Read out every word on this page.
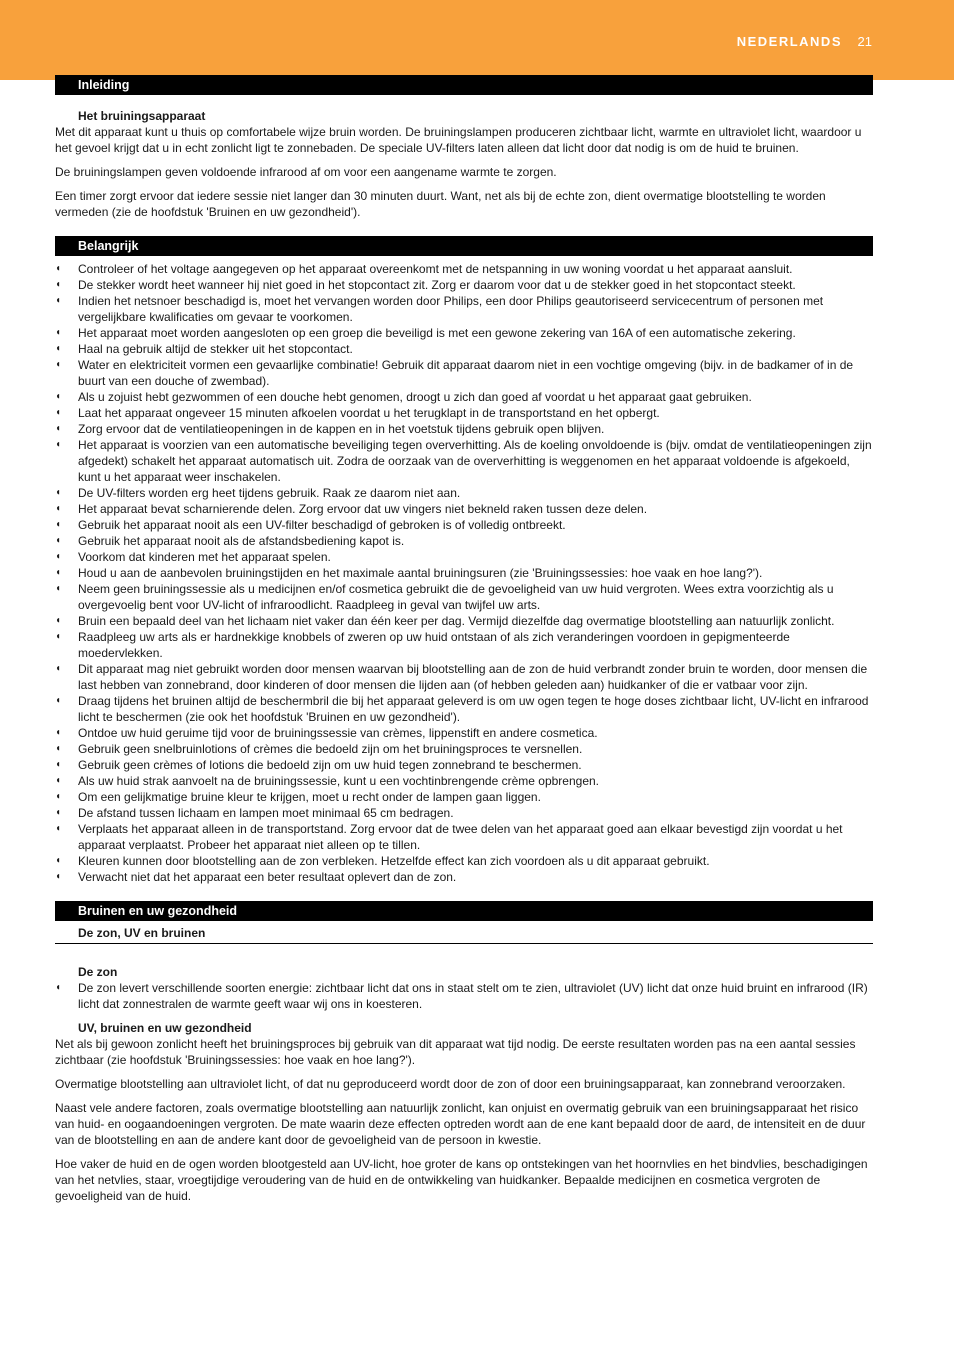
NEDERLANDS 21
Inleiding
Het bruiningsapparaat

Met dit apparaat kunt u thuis op comfortabele wijze bruin worden. De bruiningslampen produceren zichtbaar licht, warmte en ultraviolet licht, waardoor u het gevoel krijgt dat u in echt zonlicht ligt te zonnebaden. De speciale UV-filters laten alleen dat licht door dat nodig is om de huid te bruinen.

De bruiningslampen geven voldoende infrarood af om voor een aangename warmte te zorgen.

Een timer zorgt ervoor dat iedere sessie niet langer dan 30 minuten duurt. Want, net als bij de echte zon, dient overmatige blootstelling te worden vermeden (zie de hoofdstuk 'Bruinen en uw gezondheid').

Belangrijk
◖ Controleer of het voltage aangegeven op het apparaat overeenkomt met de netspanning in uw woning voordat u het apparaat aansluit.
◖ De stekker wordt heet wanneer hij niet goed in het stopcontact zit. Zorg er daarom voor dat u de stekker goed in het stopcontact steekt.
◖ Indien het netsnoer beschadigd is, moet het vervangen worden door Philips, een door Philips geautoriseerd servicecentrum of personen met vergelijkbare kwalificaties om gevaar te voorkomen.
◖ Het apparaat moet worden aangesloten op een groep die beveiligd is met een gewone zekering van 16A of een automatische zekering.
◖ Haal na gebruik altijd de stekker uit het stopcontact.
◖ Water en elektriciteit vormen een gevaarlijke combinatie! Gebruik dit apparaat daarom niet in een vochtige omgeving (bijv. in de badkamer of in de buurt van een douche of zwembad).
◖ Als u zojuist hebt gezwommen of een douche hebt genomen, droogt u zich dan goed af voordat u het apparaat gaat gebruiken.
◖ Laat het apparaat ongeveer 15 minuten afkoelen voordat u het terugklapt in de transportstand en het opbergt.
◖ Zorg ervoor dat de ventilatieopeningen in de kappen en in het voetstuk tijdens gebruik open blijven.
◖ Het apparaat is voorzien van een automatische beveiliging tegen oververhitting. Als de koeling onvoldoende is (bijv. omdat de ventilatieopeningen zijn afgedekt) schakelt het apparaat automatisch uit. Zodra de oorzaak van de oververhitting is weggenomen en het apparaat voldoende is afgekoeld, kunt u het apparaat weer inschakelen.
◖ De UV-filters worden erg heet tijdens gebruik. Raak ze daarom niet aan.
◖ Het apparaat bevat scharnierende delen. Zorg ervoor dat uw vingers niet bekneld raken tussen deze delen.
◖ Gebruik het apparaat nooit als een UV-filter beschadigd of gebroken is of volledig ontbreekt.
◖ Gebruik het apparaat nooit als de afstandsbediening kapot is.
◖ Voorkom dat kinderen met het apparaat spelen.
◖ Houd u aan de aanbevolen bruiningstijden en het maximale aantal bruiningsuren (zie 'Bruiningssessies: hoe vaak en hoe lang?').
◖ Neem geen bruiningssessie als u medicijnen en/of cosmetica gebruikt die de gevoeligheid van uw huid vergroten. Wees extra voorzichtig als u overgevoelig bent voor UV-licht of infraroodlicht. Raadpleeg in geval van twijfel uw arts.
◖ Bruin een bepaald deel van het lichaam niet vaker dan één keer per dag. Vermijd diezelfde dag overmatige blootstelling aan natuurlijk zonlicht.
◖ Raadpleeg uw arts als er hardnekkige knobbels of zweren op uw huid ontstaan of als zich veranderingen voordoen in gepigmenteerde moedervlekken.
◖ Dit apparaat mag niet gebruikt worden door mensen waarvan bij blootstelling aan de zon de huid verbrandt zonder bruin te worden, door mensen die last hebben van zonnebrand, door kinderen of door mensen die lijden aan (of hebben geleden aan) huidkanker of die er vatbaar voor zijn.
◖ Draag tijdens het bruinen altijd de beschermbril die bij het apparaat geleverd is om uw ogen tegen te hoge doses zichtbaar licht, UV-licht en infrarood licht te beschermen (zie ook het hoofdstuk 'Bruinen en uw gezondheid').
◖ Ontdoe uw huid geruime tijd voor de bruiningssessie van crèmes, lippenstift en andere cosmetica.
◖ Gebruik geen snelbruinlotions of crèmes die bedoeld zijn om het bruiningsproces te versnellen.
◖ Gebruik geen crèmes of lotions die bedoeld zijn om uw huid tegen zonnebrand te beschermen.
◖ Als uw huid strak aanvoelt na de bruiningssessie, kunt u een vochtinbrengende crème opbrengen.
◖ Om een gelijkmatige bruine kleur te krijgen, moet u recht onder de lampen gaan liggen.
◖ De afstand tussen lichaam en lampen moet minimaal 65 cm bedragen.
◖ Verplaats het apparaat alleen in de transportstand. Zorg ervoor dat de twee delen van het apparaat goed aan elkaar bevestigd zijn voordat u het apparaat verplaatst. Probeer het apparaat niet alleen op te tillen.
◖ Kleuren kunnen door blootstelling aan de zon verbleken. Hetzelfde effect kan zich voordoen als u dit apparaat gebruikt.
◖ Verwacht niet dat het apparaat een beter resultaat oplevert dan de zon.
Bruinen en uw gezondheid
De zon, UV en bruinen
De zon
◖ De zon levert verschillende soorten energie: zichtbaar licht dat ons in staat stelt om te zien, ultraviolet (UV) licht dat onze huid bruint en infrarood (IR) licht dat zonnestralen de warmte geeft waar wij ons in koesteren.
UV, bruinen en uw gezondheid

Net als bij gewoon zonlicht heeft het bruiningsproces bij gebruik van dit apparaat wat tijd nodig. De eerste resultaten worden pas na een aantal sessies zichtbaar (zie hoofdstuk 'Bruiningssessies: hoe vaak en hoe lang?').

Overmatige blootstelling aan ultraviolet licht, of dat nu geproduceerd wordt door de zon of door een bruiningsapparaat, kan zonnebrand veroorzaken.

Naast vele andere factoren, zoals overmatige blootstelling aan natuurlijk zonlicht, kan onjuist en overmatig gebruik van een bruiningsapparaat het risico van huid- en oogaandoeningen vergroten. De mate waarin deze effecten optreden wordt aan de ene kant bepaald door de aard, de intensiteit en de duur van de blootstelling en aan de andere kant door de gevoeligheid van de persoon in kwestie.

Hoe vaker de huid en de ogen worden blootgesteld aan UV-licht, hoe groter de kans op ontstekingen van het hoornvlies en het bindvlies, beschadigingen van het netvlies, staar, vroegtijdige veroudering van de huid en de ontwikkeling van huidkanker. Bepaalde medicijnen en cosmetica vergroten de gevoeligheid van de huid.
